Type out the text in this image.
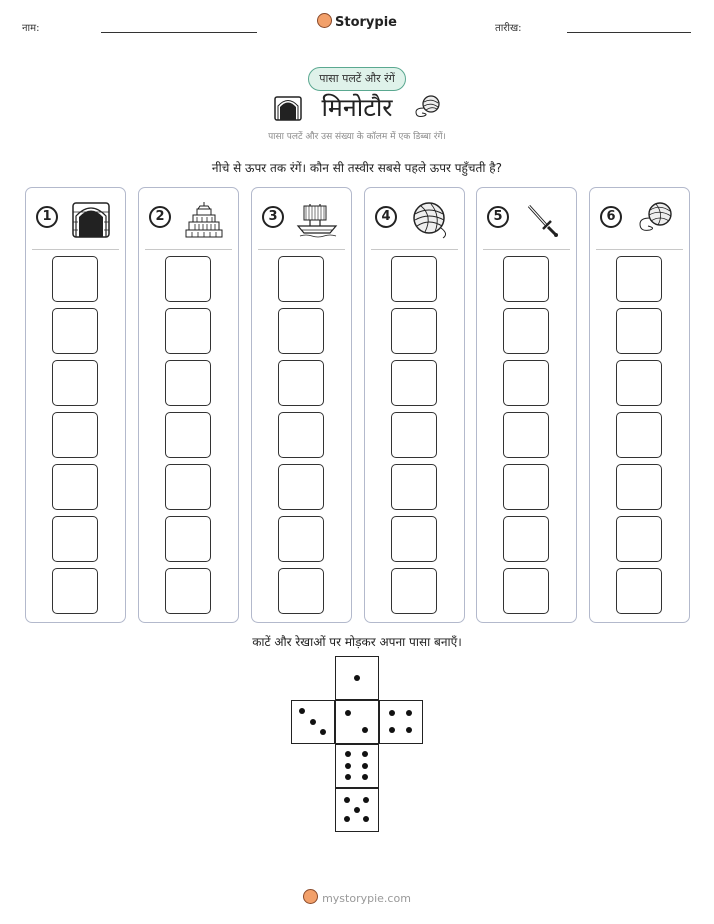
नाम:	Storypie	तारीख:
पासा पलटें और रंगें
मिनोटौर
पासा पलटें और उस संख्या के कॉलम में एक डिब्बा रंगें।
नीचे से ऊपर तक रंगें। कौन सी तस्वीर सबसे पहले ऊपर पहुँचती है?
1	2	3	4	5	6
काटें और रेखाओं पर मोड़कर अपना पासा बनाएँ।
mystorypie.com
